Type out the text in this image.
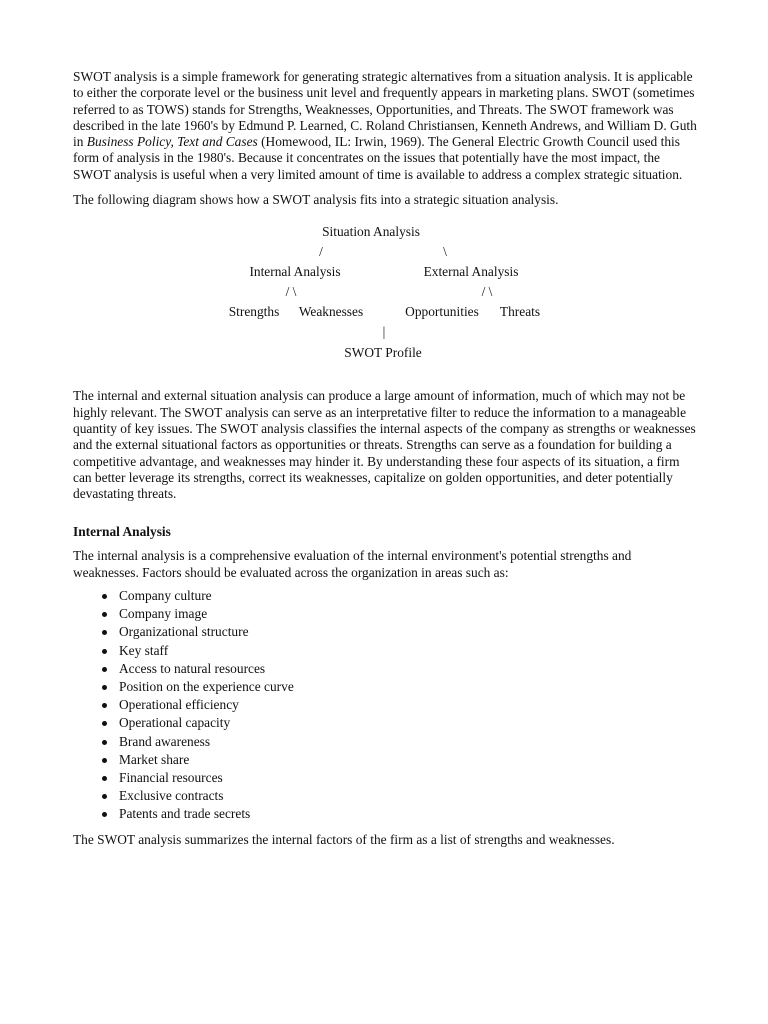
SWOT analysis is a simple framework for generating strategic alternatives from a situation analysis. It is applicable to either the corporate level or the business unit level and frequently appears in marketing plans. SWOT (sometimes referred to as TOWS) stands for Strengths, Weaknesses, Opportunities, and Threats. The SWOT framework was described in the late 1960's by Edmund P. Learned, C. Roland Christiansen, Kenneth Andrews, and William D. Guth in Business Policy, Text and Cases (Homewood, IL: Irwin, 1969). The General Electric Growth Council used this form of analysis in the 1980's. Because it concentrates on the issues that potentially have the most impact, the SWOT analysis is useful when a very limited amount of time is available to address a complex strategic situation.

The following diagram shows how a SWOT analysis fits into a strategic situation analysis.

Situation Analysis
/	\
Internal Analysis	External Analysis
/ \	/ \
Strengths Weaknesses	Opportunities Threats
|
SWOT Profile

The internal and external situation analysis can produce a large amount of information, much of which may not be highly relevant. The SWOT analysis can serve as an interpretative filter to reduce the information to a manageable quantity of key issues. The SWOT analysis classifies the internal aspects of the company as strengths or weaknesses and the external situational factors as opportunities or threats. Strengths can serve as a foundation for building a competitive advantage, and weaknesses may hinder it. By understanding these four aspects of its situation, a firm can better leverage its strengths, correct its weaknesses, capitalize on golden opportunities, and deter potentially devastating threats.

Internal Analysis

The internal analysis is a comprehensive evaluation of the internal environment's potential strengths and weaknesses. Factors should be evaluated across the organization in areas such as:

Company culture
Company image
Organizational structure
Key staff
Access to natural resources
Position on the experience curve
Operational efficiency
Operational capacity
Brand awareness
Market share
Financial resources
Exclusive contracts
Patents and trade secrets

The SWOT analysis summarizes the internal factors of the firm as a list of strengths and weaknesses.
